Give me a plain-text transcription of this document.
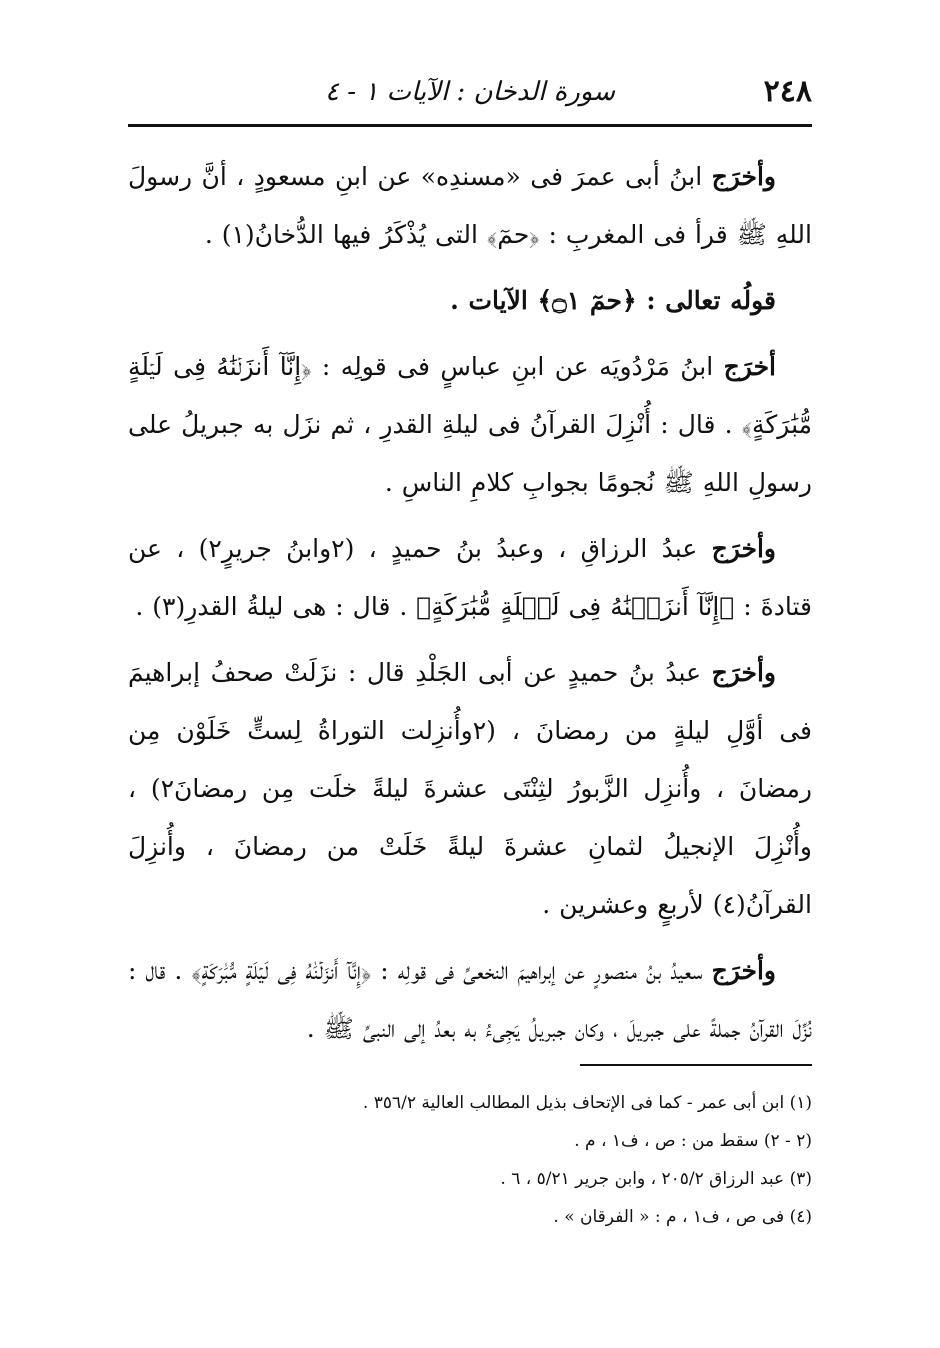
٢٤٨
سورة الدخان : الآيات ١ - ٤

وأخرَج ابنُ أبى عمرَ فى «مسندِه» عن ابنِ مسعودٍ ، أنَّ رسولَ اللهِ ﷺ قرأ فى المغربِ : ﴿حمٓ﴾ التى يُذْكَرُ فيها الدُّخانُ(١) .

قولُه تعالى : ﴿حمٓ ۝١﴾ الآيات .

أخرَج ابنُ مَرْدُويَه عن ابنِ عباسٍ فى قولِه : ﴿إِنَّآ أَنزَلۡنَٰهُ فِى لَيۡلَةٍ مُّبَٰرَكَةٍ﴾ . قال : أُنْزِلَ القرآنُ فى ليلةِ القدرِ ، ثم نزَل به جبريلُ على رسولِ اللهِ ﷺ نُجومًا بجوابِ كلامِ الناسِ .

وأخرَج عبدُ الرزاقِ ، وعبدُ بنُ حميدٍ ، (٢وابنُ جريرٍ٢) ، عن قتادةَ : ﴿إِنَّآ أَنزَلۡنَٰهُ فِى لَيۡلَةٍ مُّبَٰرَكَةٍ﴾ . قال : هى ليلةُ القدرِ(٣) .

وأخرَج عبدُ بنُ حميدٍ عن أبى الجَلْدِ قال : نزَلَتْ صحفُ إبراهيمَ فى أوَّلِ ليلةٍ من رمضانَ ، (٢وأُنزِلت التوراةُ لِستٍّ خَلَوْن مِن رمضانَ ، وأُنزِل الزَّبورُ لثِنْتَى عشرةَ ليلةً خلَت مِن رمضانَ٢) ، وأُنْزِلَ الإنجيلُ لثمانِ عشرةَ ليلةً خَلَتْ من رمضانَ ، وأُنزِلَ القرآنُ(٤) لأربعٍ وعشرين .

وأخرَج سعيدُ بنُ منصورٍ عن إبراهيمَ النخعىِّ فى قولِه : ﴿إِنَّآ أَنزَلۡنَٰهُ فِى لَيۡلَةٍ مُّبَٰرَكَةٍ﴾ . قال : نُزِّلَ القرآنُ جملةً على جبريلَ ، وكان جبريلُ يَجِىءُ به بعدُ إلى النبىِّ ﷺ .

(١) ابن أبى عمر - كما فى الإتحاف بذيل المطالب العالية ٣٥٦/٢ .
(٢ - ٢) سقط من : ص ، ف١ ، م .
(٣) عبد الرزاق ٢٠٥/٢ ، وابن جرير ٥/٢١ ، ٦ .
(٤) فى ص ، ف١ ، م : « الفرقان » .
